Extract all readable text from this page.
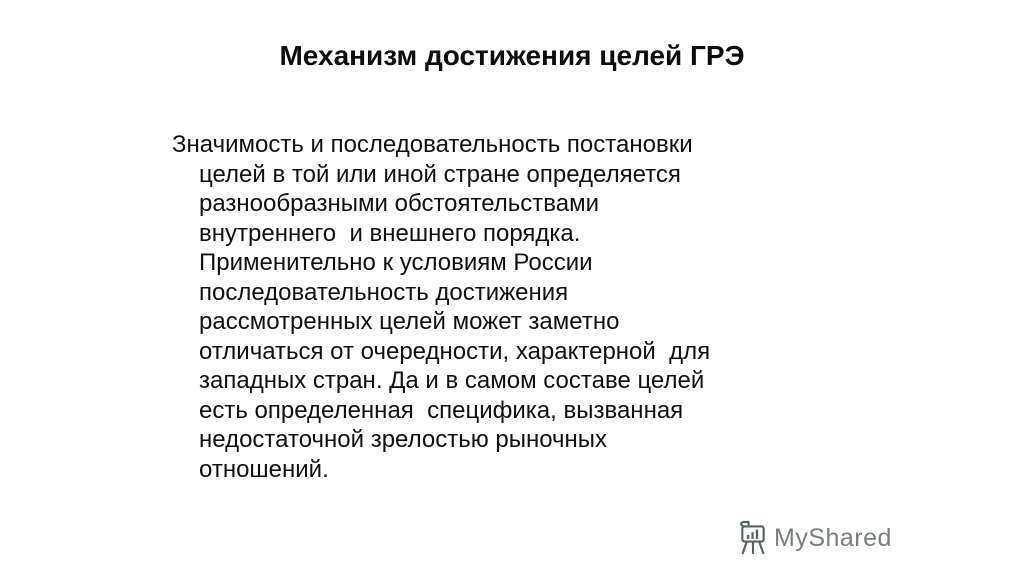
Механизм достижения целей ГРЭ
Значимость и последовательность постановки
целей в той или иной стране определяется
разнообразными обстоятельствами
внутреннего  и внешнего порядка.
Применительно к условиям России
последовательность достижения
рассмотренных целей может заметно
отличаться от очередности, характерной  для
западных стран. Да и в самом составе целей
есть определенная  специфика, вызванная
недостаточной зрелостью рыночных
отношений.
MyShared
